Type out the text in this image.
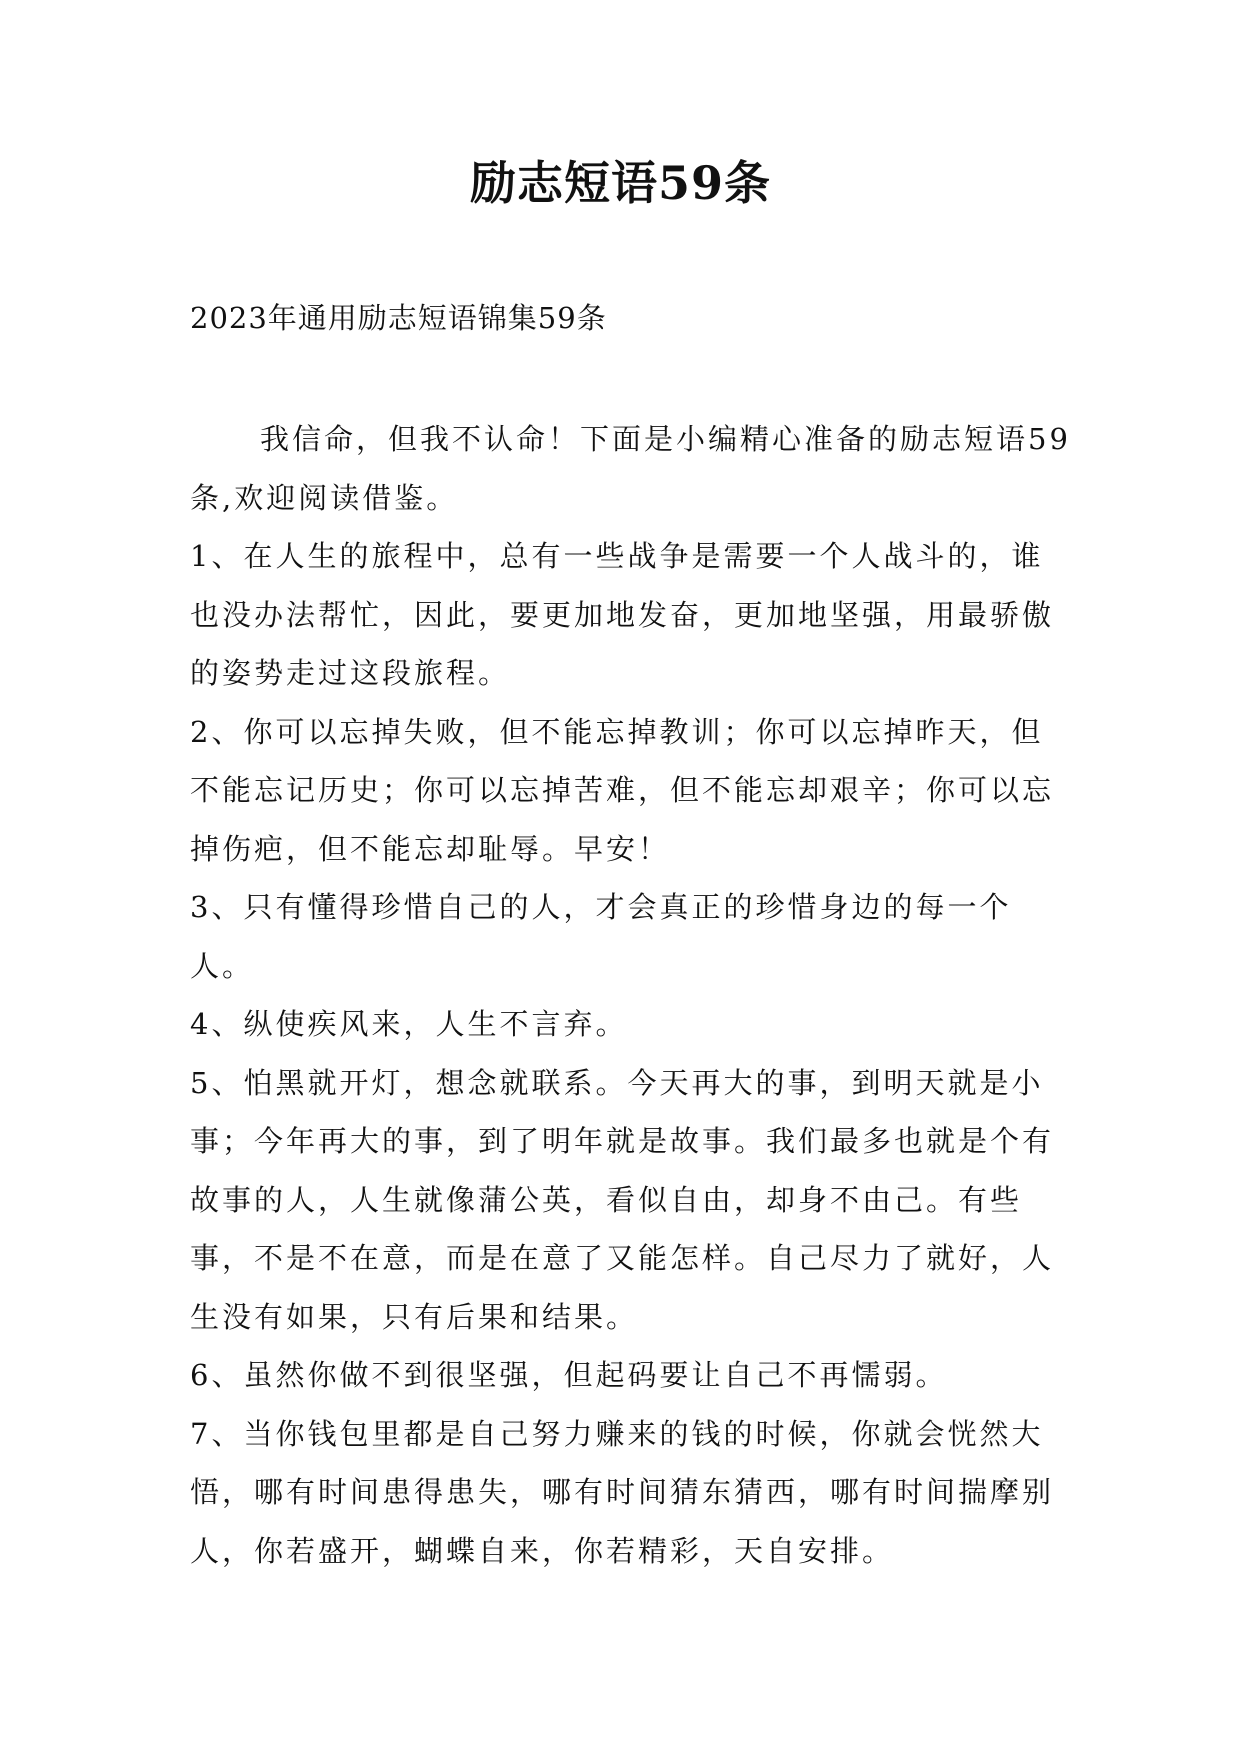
励志短语59条
2023年通用励志短语锦集59条

我信命，但我不认命！下面是小编精心准备的励志短语59条,欢迎阅读借鉴。

1、在人生的旅程中，总有一些战争是需要一个人战斗的，谁也没办法帮忙，因此，要更加地发奋，更加地坚强，用最骄傲的姿势走过这段旅程。

2、你可以忘掉失败，但不能忘掉教训；你可以忘掉昨天，但不能忘记历史；你可以忘掉苦难，但不能忘却艰辛；你可以忘掉伤疤，但不能忘却耻辱。早安！

3、只有懂得珍惜自己的人，才会真正的珍惜身边的每一个人。

4、纵使疾风来，人生不言弃。

5、怕黑就开灯，想念就联系。今天再大的事，到明天就是小事；今年再大的事，到了明年就是故事。我们最多也就是个有故事的人，人生就像蒲公英，看似自由，却身不由己。有些事，不是不在意，而是在意了又能怎样。自己尽力了就好，人生没有如果，只有后果和结果。

6、虽然你做不到很坚强，但起码要让自己不再懦弱。

7、当你钱包里都是自己努力赚来的钱的时候，你就会恍然大悟，哪有时间患得患失，哪有时间猜东猜西，哪有时间揣摩别人，你若盛开，蝴蝶自来，你若精彩，天自安排。
